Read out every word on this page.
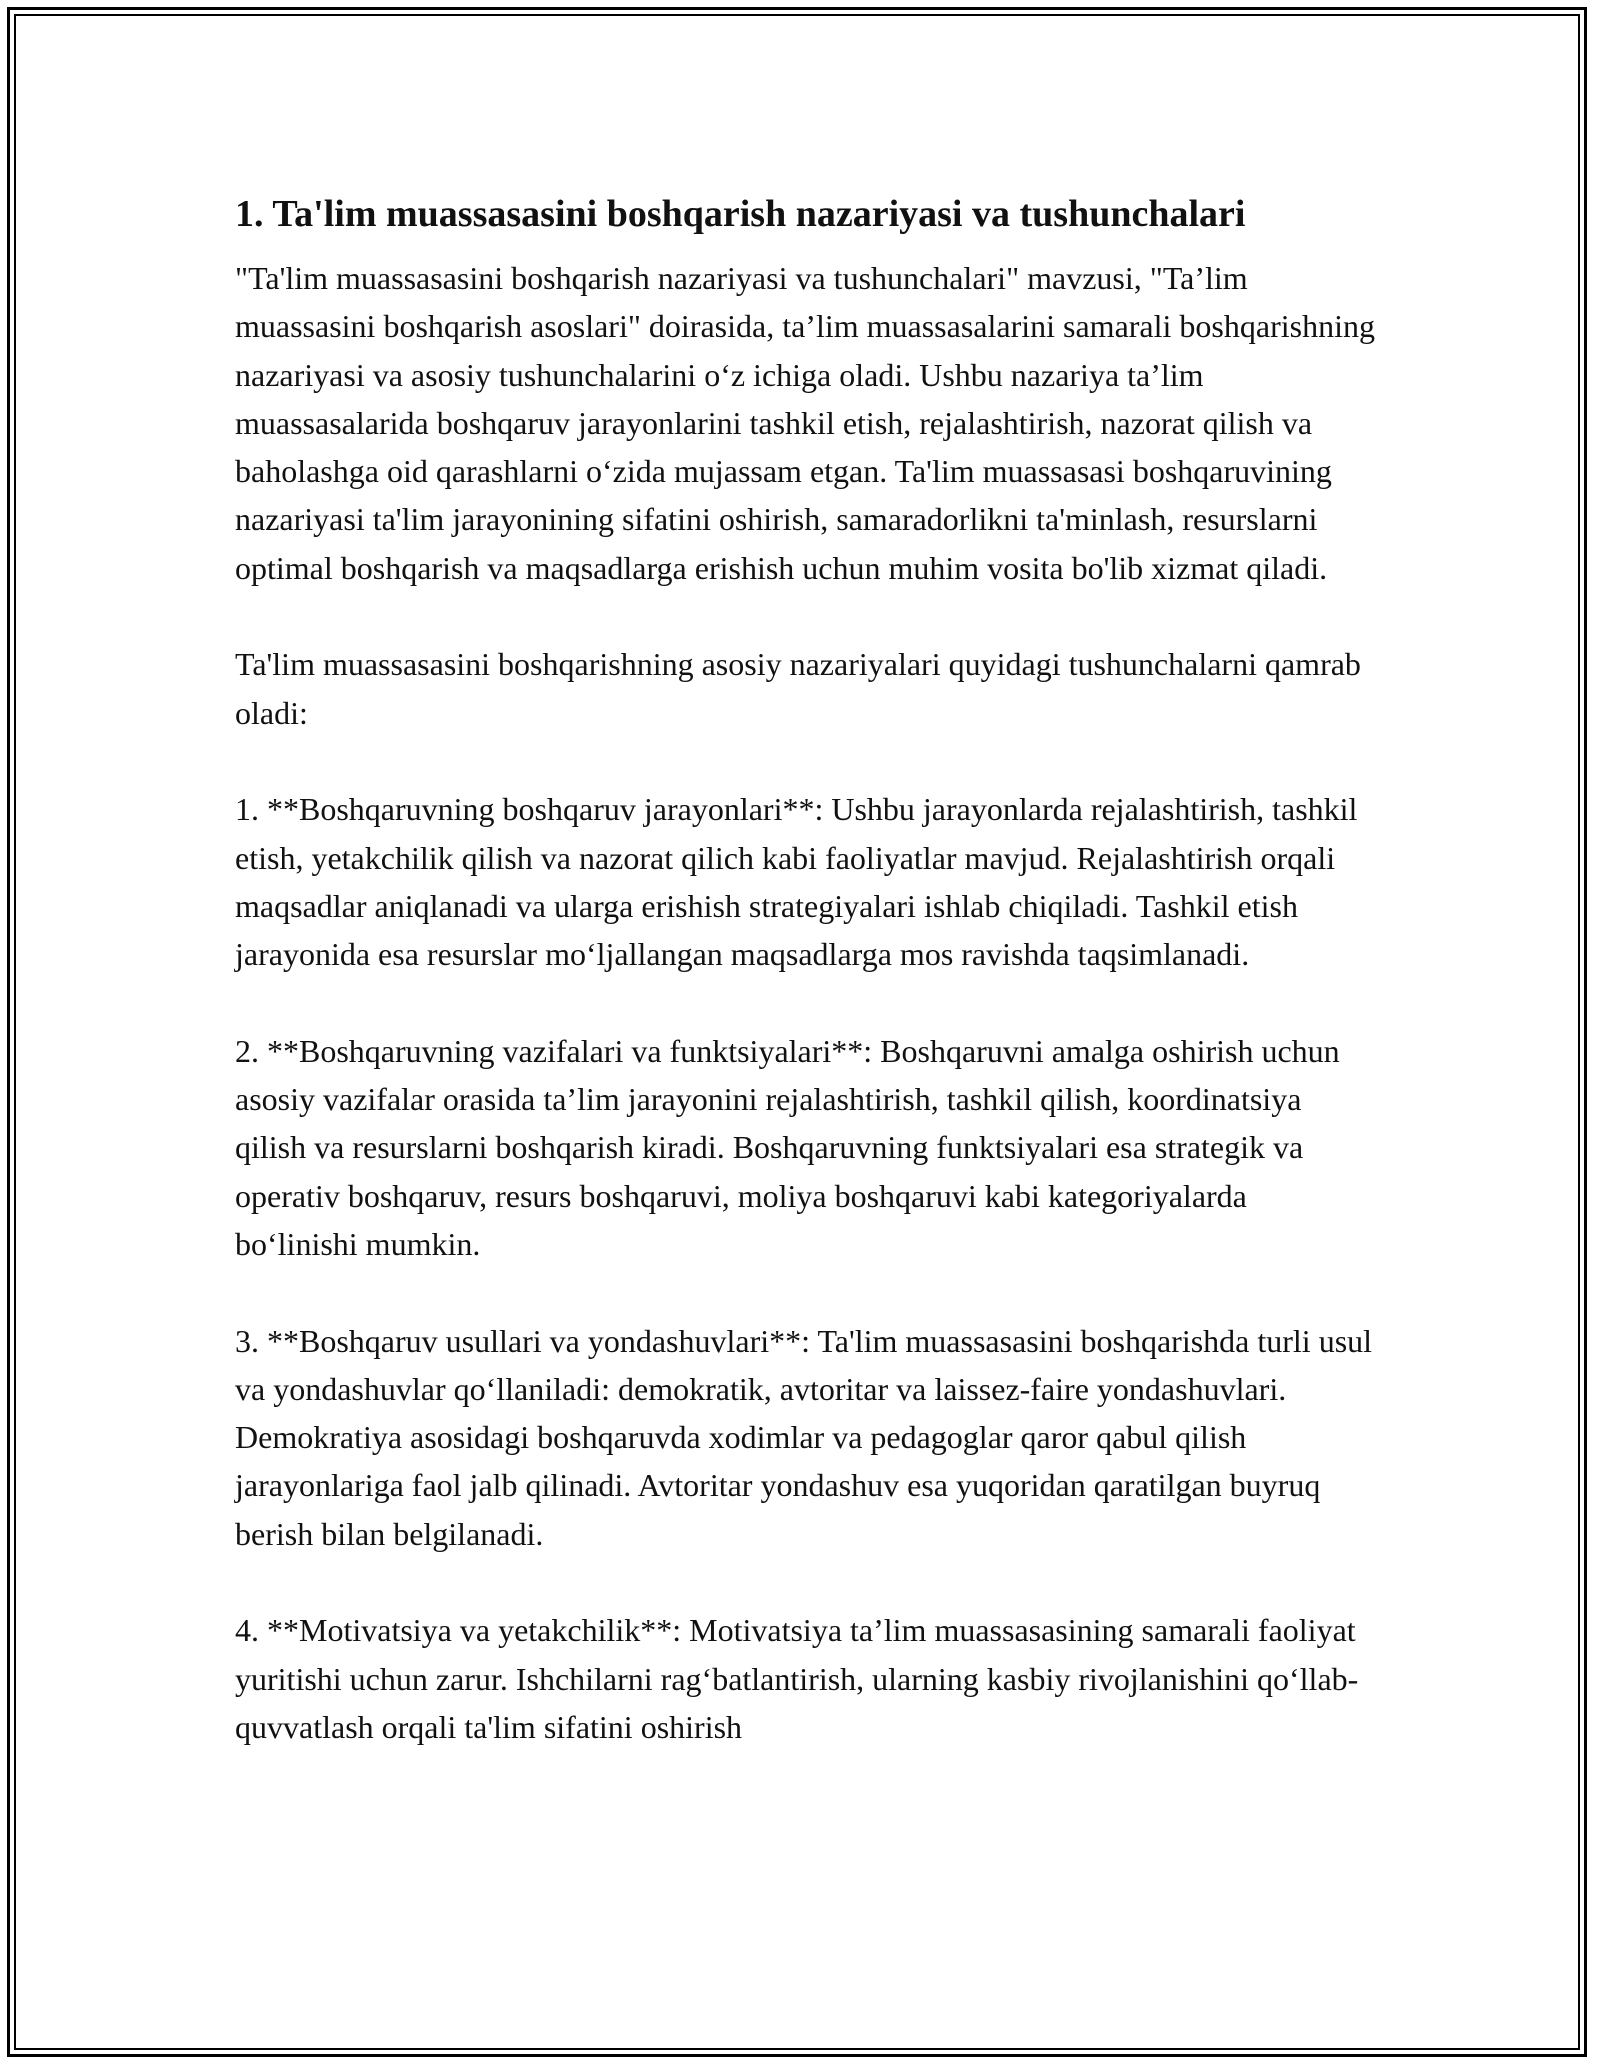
1. Ta'lim muassasasini boshqarish nazariyasi va tushunchalari

"Ta'lim muassasasini boshqarish nazariyasi va tushunchalari" mavzusi, "Ta’lim muassasini boshqarish asoslari" doirasida, ta’lim muassasalarini samarali boshqarishning nazariyasi va asosiy tushunchalarini o‘z ichiga oladi. Ushbu nazariya ta’lim muassasalarida boshqaruv jarayonlarini tashkil etish, rejalashtirish, nazorat qilish va baholashga oid qarashlarni o‘zida mujassam etgan. Ta'lim muassasasi boshqaruvining nazariyasi ta'lim jarayonining sifatini oshirish, samaradorlikni ta'minlash, resurslarni optimal boshqarish va maqsadlarga erishish uchun muhim vosita bo'lib xizmat qiladi.

Ta'lim muassasasini boshqarishning asosiy nazariyalari quyidagi tushunchalarni qamrab oladi:

1. **Boshqaruvning boshqaruv jarayonlari**: Ushbu jarayonlarda rejalashtirish, tashkil etish, yetakchilik qilish va nazorat qilich kabi faoliyatlar mavjud. Rejalashtirish orqali maqsadlar aniqlanadi va ularga erishish strategiyalari ishlab chiqiladi. Tashkil etish jarayonida esa resurslar mo‘ljallangan maqsadlarga mos ravishda taqsimlanadi.

2. **Boshqaruvning vazifalari va funktsiyalari**: Boshqaruvni amalga oshirish uchun asosiy vazifalar orasida ta’lim jarayonini rejalashtirish, tashkil qilish, koordinatsiya qilish va resurslarni boshqarish kiradi. Boshqaruvning funktsiyalari esa strategik va operativ boshqaruv, resurs boshqaruvi, moliya boshqaruvi kabi kategoriyalarda bo‘linishi mumkin.

3. **Boshqaruv usullari va yondashuvlari**: Ta'lim muassasasini boshqarishda turli usul va yondashuvlar qo‘llaniladi: demokratik, avtoritar va laissez-faire yondashuvlari. Demokratiya asosidagi boshqaruvda xodimlar va pedagoglar qaror qabul qilish jarayonlariga faol jalb qilinadi. Avtoritar yondashuv esa yuqoridan qaratilgan buyruq berish bilan belgilanadi.

4. **Motivatsiya va yetakchilik**: Motivatsiya ta’lim muassasasining samarali faoliyat yuritishi uchun zarur. Ishchilarni rag‘batlantirish, ularning kasbiy rivojlanishini qo‘llab-quvvatlash orqali ta'lim sifatini oshirish
